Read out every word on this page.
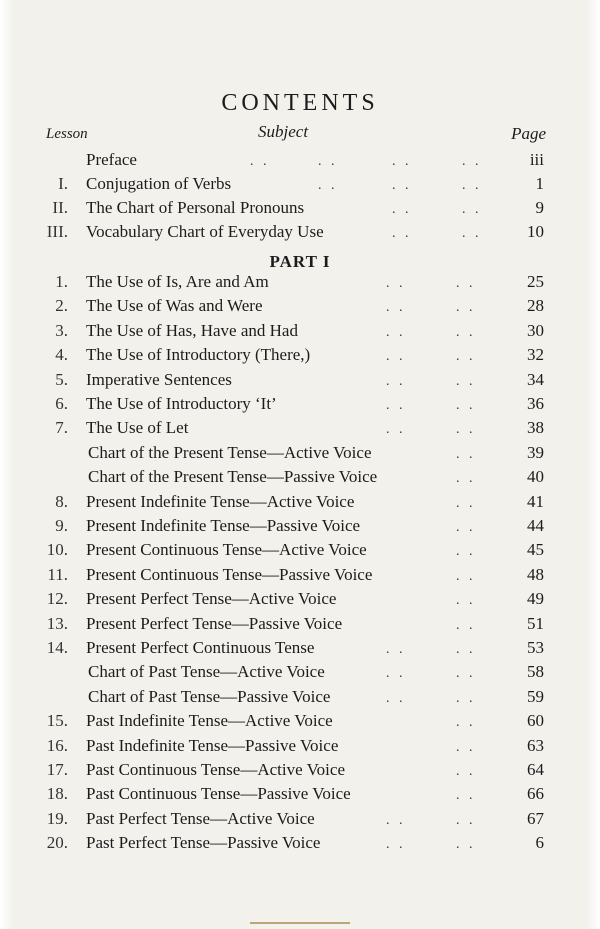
CONTENTS
Lesson	Subject	Page
Preface	. .	. .	. .	. .	iii
I. Conjugation of Verbs	. .	. .	. .	1
II. The Chart of Personal Pronouns	. .	. .	9
III. Vocabulary Chart of Everyday Use	. .	. .	10
PART I
1. The Use of Is, Are and Am	. .	. .	25
2. The Use of Was and Were	. .	. .	28
3. The Use of Has, Have and Had	. .	. .	30
4. The Use of Introductory (There,)	. .	. .	32
5. Imperative Sentences	. .	. .	34
6. The Use of Introductory ‘It’	. .	. .	36
7. The Use of Let	. .	. .	38
Chart of the Present Tense—Active Voice	. .	39
Chart of the Present Tense—Passive Voice	. .	40
8. Present Indefinite Tense—Active Voice	. .	41
9. Present Indefinite Tense—Passive Voice	. .	44
10. Present Continuous Tense—Active Voice	. .	45
11. Present Continuous Tense—Passive Voice	. .	48
12. Present Perfect Tense—Active Voice	. .	49
13. Present Perfect Tense—Passive Voice	. .	51
14. Present Perfect Continuous Tense	. .	. .	53
Chart of Past Tense—Active Voice	. .	. .	58
Chart of Past Tense—Passive Voice	. .	. .	59
15. Past Indefinite Tense—Active Voice	. .	60
16. Past Indefinite Tense—Passive Voice	. .	63
17. Past Continuous Tense—Active Voice	. .	64
18. Past Continuous Tense—Passive Voice	. .	66
19. Past Perfect Tense—Active Voice	. .	. .	67
20. Past Perfect Tense—Passive Voice	. .	. .	6
